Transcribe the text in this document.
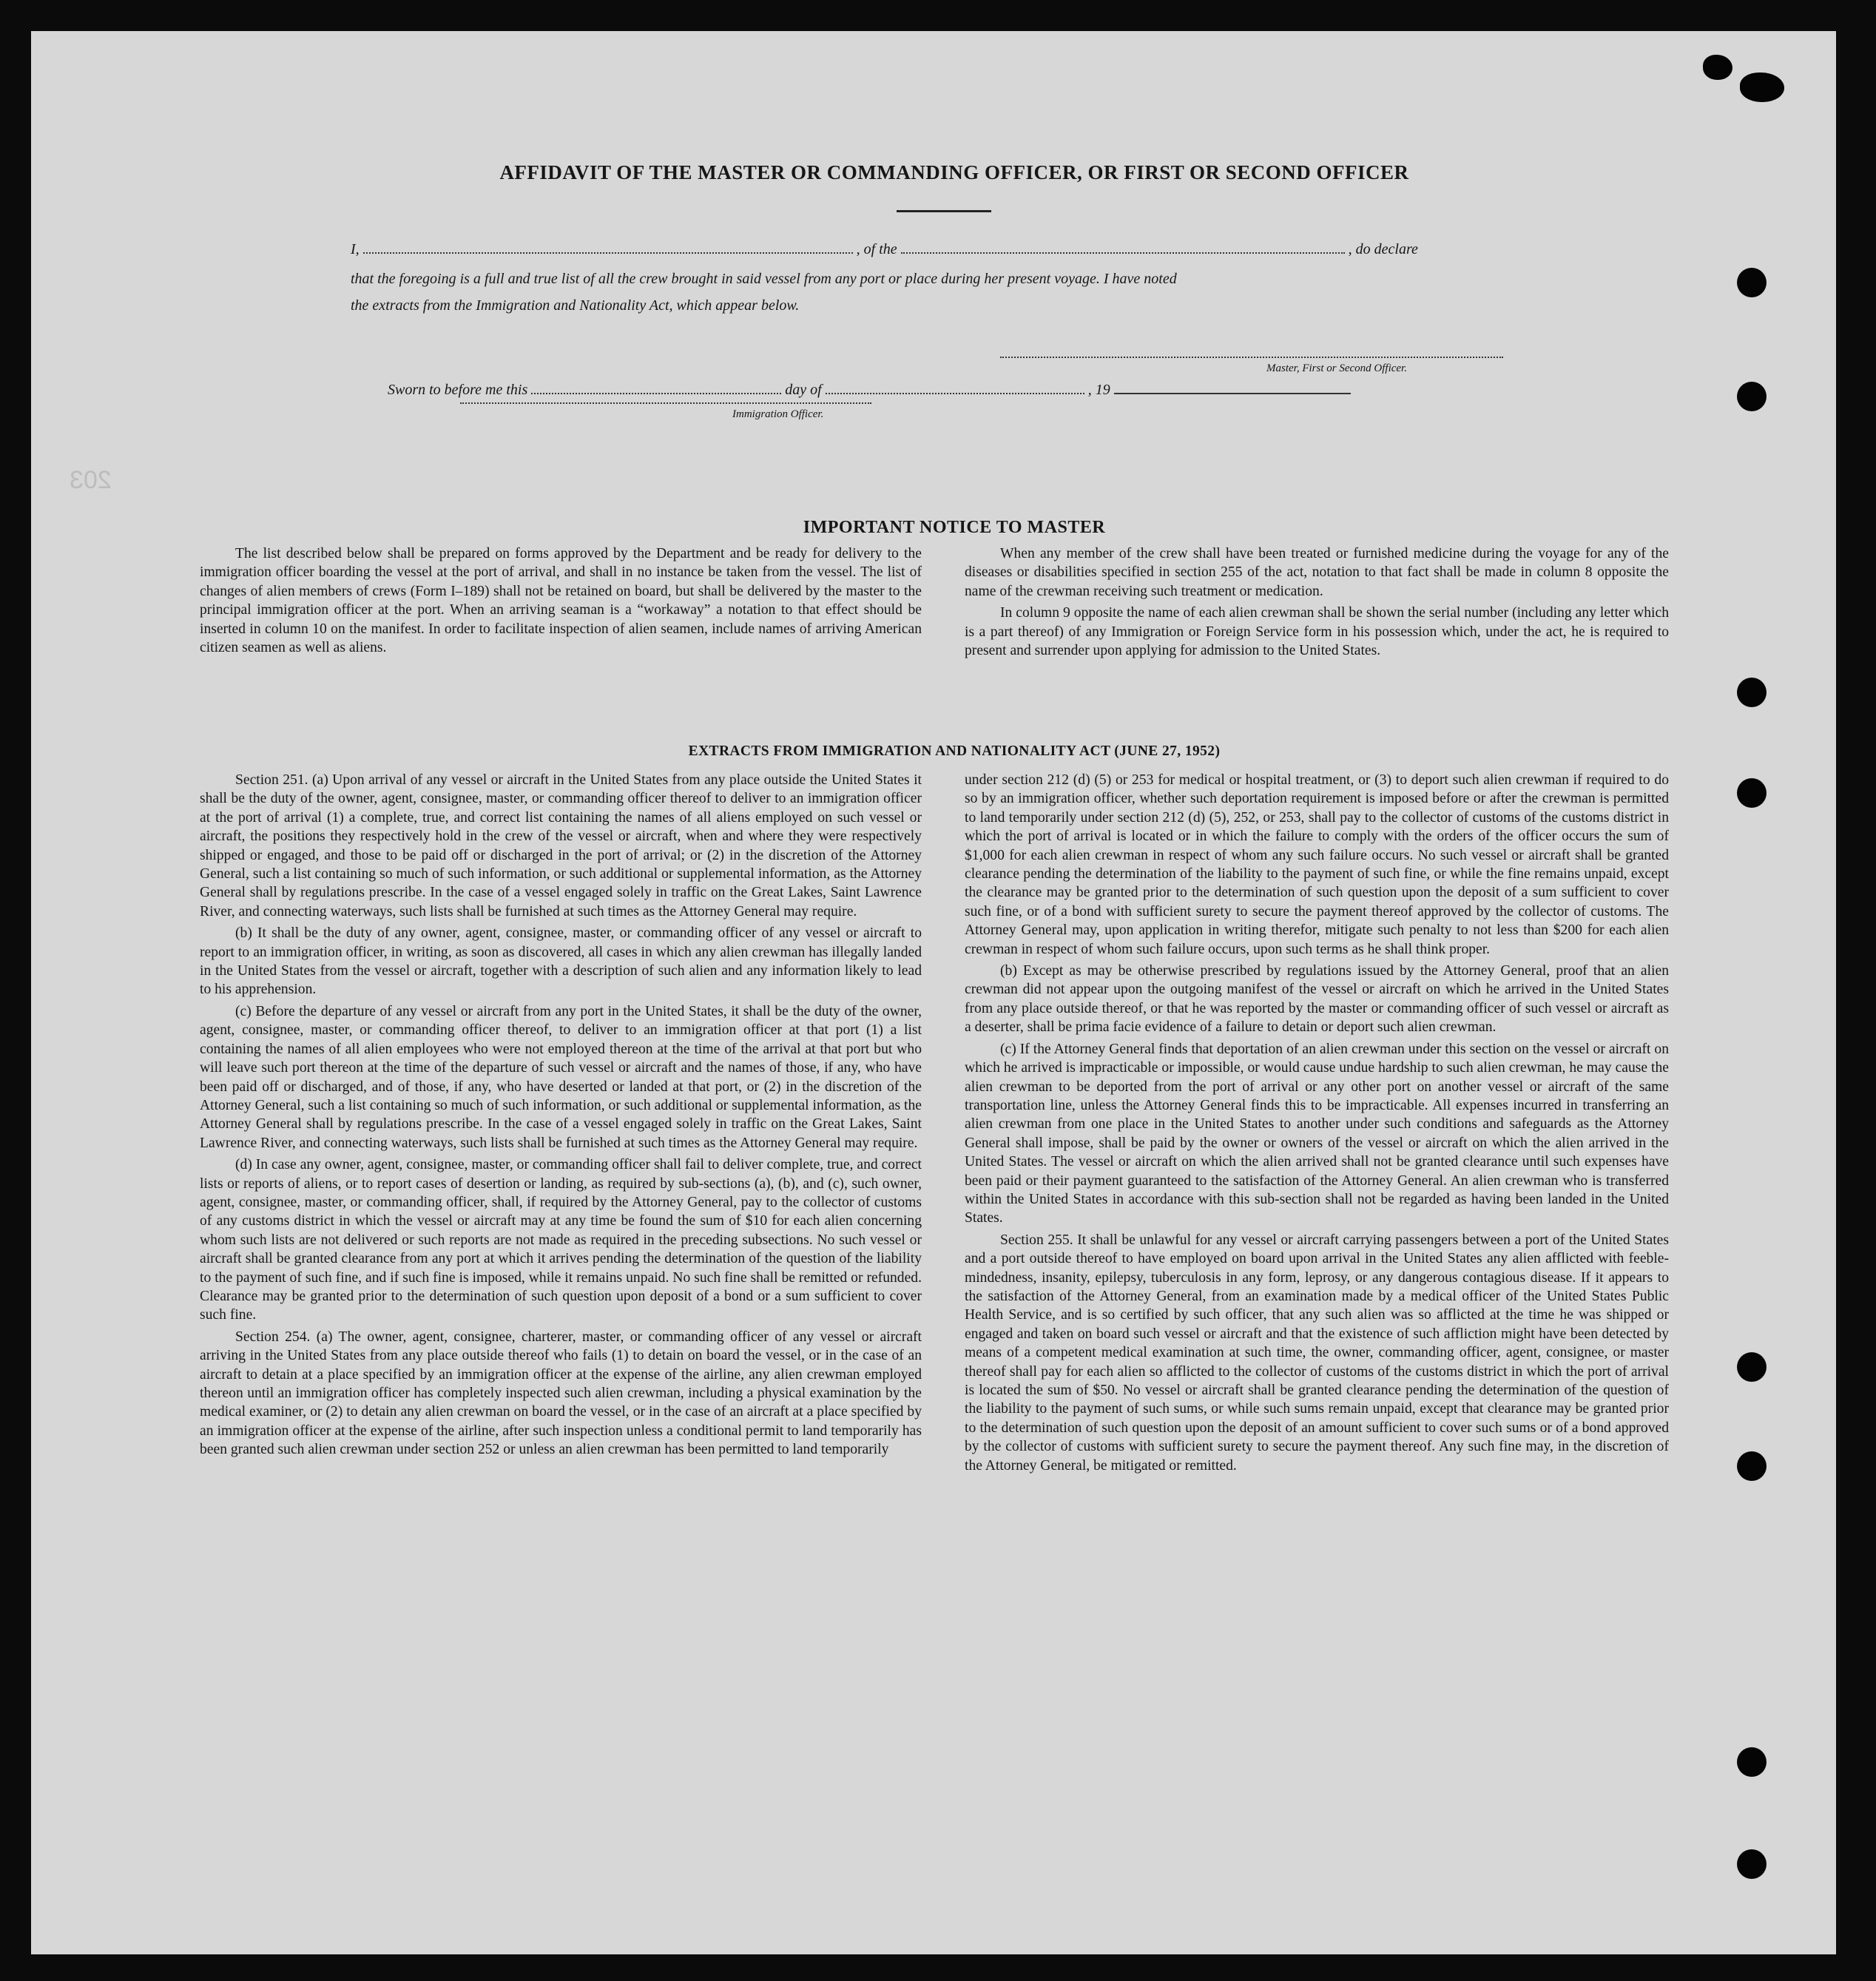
203
AFFIDAVIT OF THE MASTER OR COMMANDING OFFICER, OR FIRST OR SECOND OFFICER
I,	, of the	, do declare
that the foregoing is a full and true list of all the crew brought in said vessel from any port or place during her present voyage. I have noted
the extracts from the Immigration and Nationality Act, which appear below.
Master, First or Second Officer.
Sworn to before me this	day of	, 19
Immigration Officer.
IMPORTANT NOTICE TO MASTER

The list described below shall be prepared on forms approved by the Department and be ready for delivery to the immigration officer boarding the vessel at the port of arrival, and shall in no instance be taken from the vessel. The list of changes of alien members of crews (Form I–189) shall not be retained on board, but shall be delivered by the master to the principal immigration officer at the port. When an arriving seaman is a “workaway” a notation to that effect should be inserted in column 10 on the manifest. In order to facilitate inspection of alien seamen, include names of arriving American citizen seamen as well as aliens.

When any member of the crew shall have been treated or furnished medicine during the voyage for any of the diseases or disabilities specified in section 255 of the act, notation to that fact shall be made in column 8 opposite the name of the crewman receiving such treatment or medication.

In column 9 opposite the name of each alien crewman shall be shown the serial number (including any letter which is a part thereof) of any Immigration or Foreign Service form in his possession which, under the act, he is required to present and surrender upon applying for admission to the United States.

EXTRACTS FROM IMMIGRATION AND NATIONALITY ACT (JUNE 27, 1952)

Section 251. (a) Upon arrival of any vessel or aircraft in the United States from any place outside the United States it shall be the duty of the owner, agent, consignee, master, or commanding officer thereof to deliver to an immigration officer at the port of arrival (1) a complete, true, and correct list containing the names of all aliens employed on such vessel or aircraft, the positions they respectively hold in the crew of the vessel or aircraft, when and where they were respectively shipped or engaged, and those to be paid off or discharged in the port of arrival; or (2) in the discretion of the Attorney General, such a list containing so much of such information, or such additional or supplemental information, as the Attorney General shall by regulations prescribe. In the case of a vessel engaged solely in traffic on the Great Lakes, Saint Lawrence River, and connecting waterways, such lists shall be furnished at such times as the Attorney General may require.

(b) It shall be the duty of any owner, agent, consignee, master, or commanding officer of any vessel or aircraft to report to an immigration officer, in writing, as soon as discovered, all cases in which any alien crewman has illegally landed in the United States from the vessel or aircraft, together with a description of such alien and any information likely to lead to his apprehension.

(c) Before the departure of any vessel or aircraft from any port in the United States, it shall be the duty of the owner, agent, consignee, master, or commanding officer thereof, to deliver to an immigration officer at that port (1) a list containing the names of all alien employees who were not employed thereon at the time of the arrival at that port but who will leave such port thereon at the time of the departure of such vessel or aircraft and the names of those, if any, who have been paid off or discharged, and of those, if any, who have deserted or landed at that port, or (2) in the discretion of the Attorney General, such a list containing so much of such information, or such additional or supplemental information, as the Attorney General shall by regulations prescribe. In the case of a vessel engaged solely in traffic on the Great Lakes, Saint Lawrence River, and connecting waterways, such lists shall be furnished at such times as the Attorney General may require.

(d) In case any owner, agent, consignee, master, or commanding officer shall fail to deliver complete, true, and correct lists or reports of aliens, or to report cases of desertion or landing, as required by sub-sections (a), (b), and (c), such owner, agent, consignee, master, or commanding officer, shall, if required by the Attorney General, pay to the collector of customs of any customs district in which the vessel or aircraft may at any time be found the sum of $10 for each alien concerning whom such lists are not delivered or such reports are not made as required in the preceding subsections. No such vessel or aircraft shall be granted clearance from any port at which it arrives pending the determination of the question of the liability to the payment of such fine, and if such fine is imposed, while it remains unpaid. No such fine shall be remitted or refunded. Clearance may be granted prior to the determination of such question upon deposit of a bond or a sum sufficient to cover such fine.

Section 254. (a) The owner, agent, consignee, charterer, master, or commanding officer of any vessel or aircraft arriving in the United States from any place outside thereof who fails (1) to detain on board the vessel, or in the case of an aircraft to detain at a place specified by an immigration officer at the expense of the airline, any alien crewman employed thereon until an immigration officer has completely inspected such alien crewman, including a physical examination by the medical examiner, or (2) to detain any alien crewman on board the vessel, or in the case of an aircraft at a place specified by an immigration officer at the expense of the airline, after such inspection unless a conditional permit to land temporarily has been granted such alien crewman under section 252 or unless an alien crewman has been permitted to land temporarily

under section 212 (d) (5) or 253 for medical or hospital treatment, or (3) to deport such alien crewman if required to do so by an immigration officer, whether such deportation requirement is imposed before or after the crewman is permitted to land temporarily under section 212 (d) (5), 252, or 253, shall pay to the collector of customs of the customs district in which the port of arrival is located or in which the failure to comply with the orders of the officer occurs the sum of $1,000 for each alien crewman in respect of whom any such failure occurs. No such vessel or aircraft shall be granted clearance pending the determination of the liability to the payment of such fine, or while the fine remains unpaid, except the clearance may be granted prior to the determination of such question upon the deposit of a sum sufficient to cover such fine, or of a bond with sufficient surety to secure the payment thereof approved by the collector of customs. The Attorney General may, upon application in writing therefor, mitigate such penalty to not less than $200 for each alien crewman in respect of whom such failure occurs, upon such terms as he shall think proper.

(b) Except as may be otherwise prescribed by regulations issued by the Attorney General, proof that an alien crewman did not appear upon the outgoing manifest of the vessel or aircraft on which he arrived in the United States from any place outside thereof, or that he was reported by the master or commanding officer of such vessel or aircraft as a deserter, shall be prima facie evidence of a failure to detain or deport such alien crewman.

(c) If the Attorney General finds that deportation of an alien crewman under this section on the vessel or aircraft on which he arrived is impracticable or impossible, or would cause undue hardship to such alien crewman, he may cause the alien crewman to be deported from the port of arrival or any other port on another vessel or aircraft of the same transportation line, unless the Attorney General finds this to be impracticable. All expenses incurred in transferring an alien crewman from one place in the United States to another under such conditions and safeguards as the Attorney General shall impose, shall be paid by the owner or owners of the vessel or aircraft on which the alien arrived in the United States. The vessel or aircraft on which the alien arrived shall not be granted clearance until such expenses have been paid or their payment guaranteed to the satisfaction of the Attorney General. An alien crewman who is transferred within the United States in accordance with this sub-section shall not be regarded as having been landed in the United States.

Section 255. It shall be unlawful for any vessel or aircraft carrying passengers between a port of the United States and a port outside thereof to have employed on board upon arrival in the United States any alien afflicted with feeble-mindedness, insanity, epilepsy, tuberculosis in any form, leprosy, or any dangerous contagious disease. If it appears to the satisfaction of the Attorney General, from an examination made by a medical officer of the United States Public Health Service, and is so certified by such officer, that any such alien was so afflicted at the time he was shipped or engaged and taken on board such vessel or aircraft and that the existence of such affliction might have been detected by means of a competent medical examination at such time, the owner, commanding officer, agent, consignee, or master thereof shall pay for each alien so afflicted to the collector of customs of the customs district in which the port of arrival is located the sum of $50. No vessel or aircraft shall be granted clearance pending the determination of the question of the liability to the payment of such sums, or while such sums remain unpaid, except that clearance may be granted prior to the determination of such question upon the deposit of an amount sufficient to cover such sums or of a bond approved by the collector of customs with sufficient surety to secure the payment thereof. Any such fine may, in the discretion of the Attorney General, be mitigated or remitted.
